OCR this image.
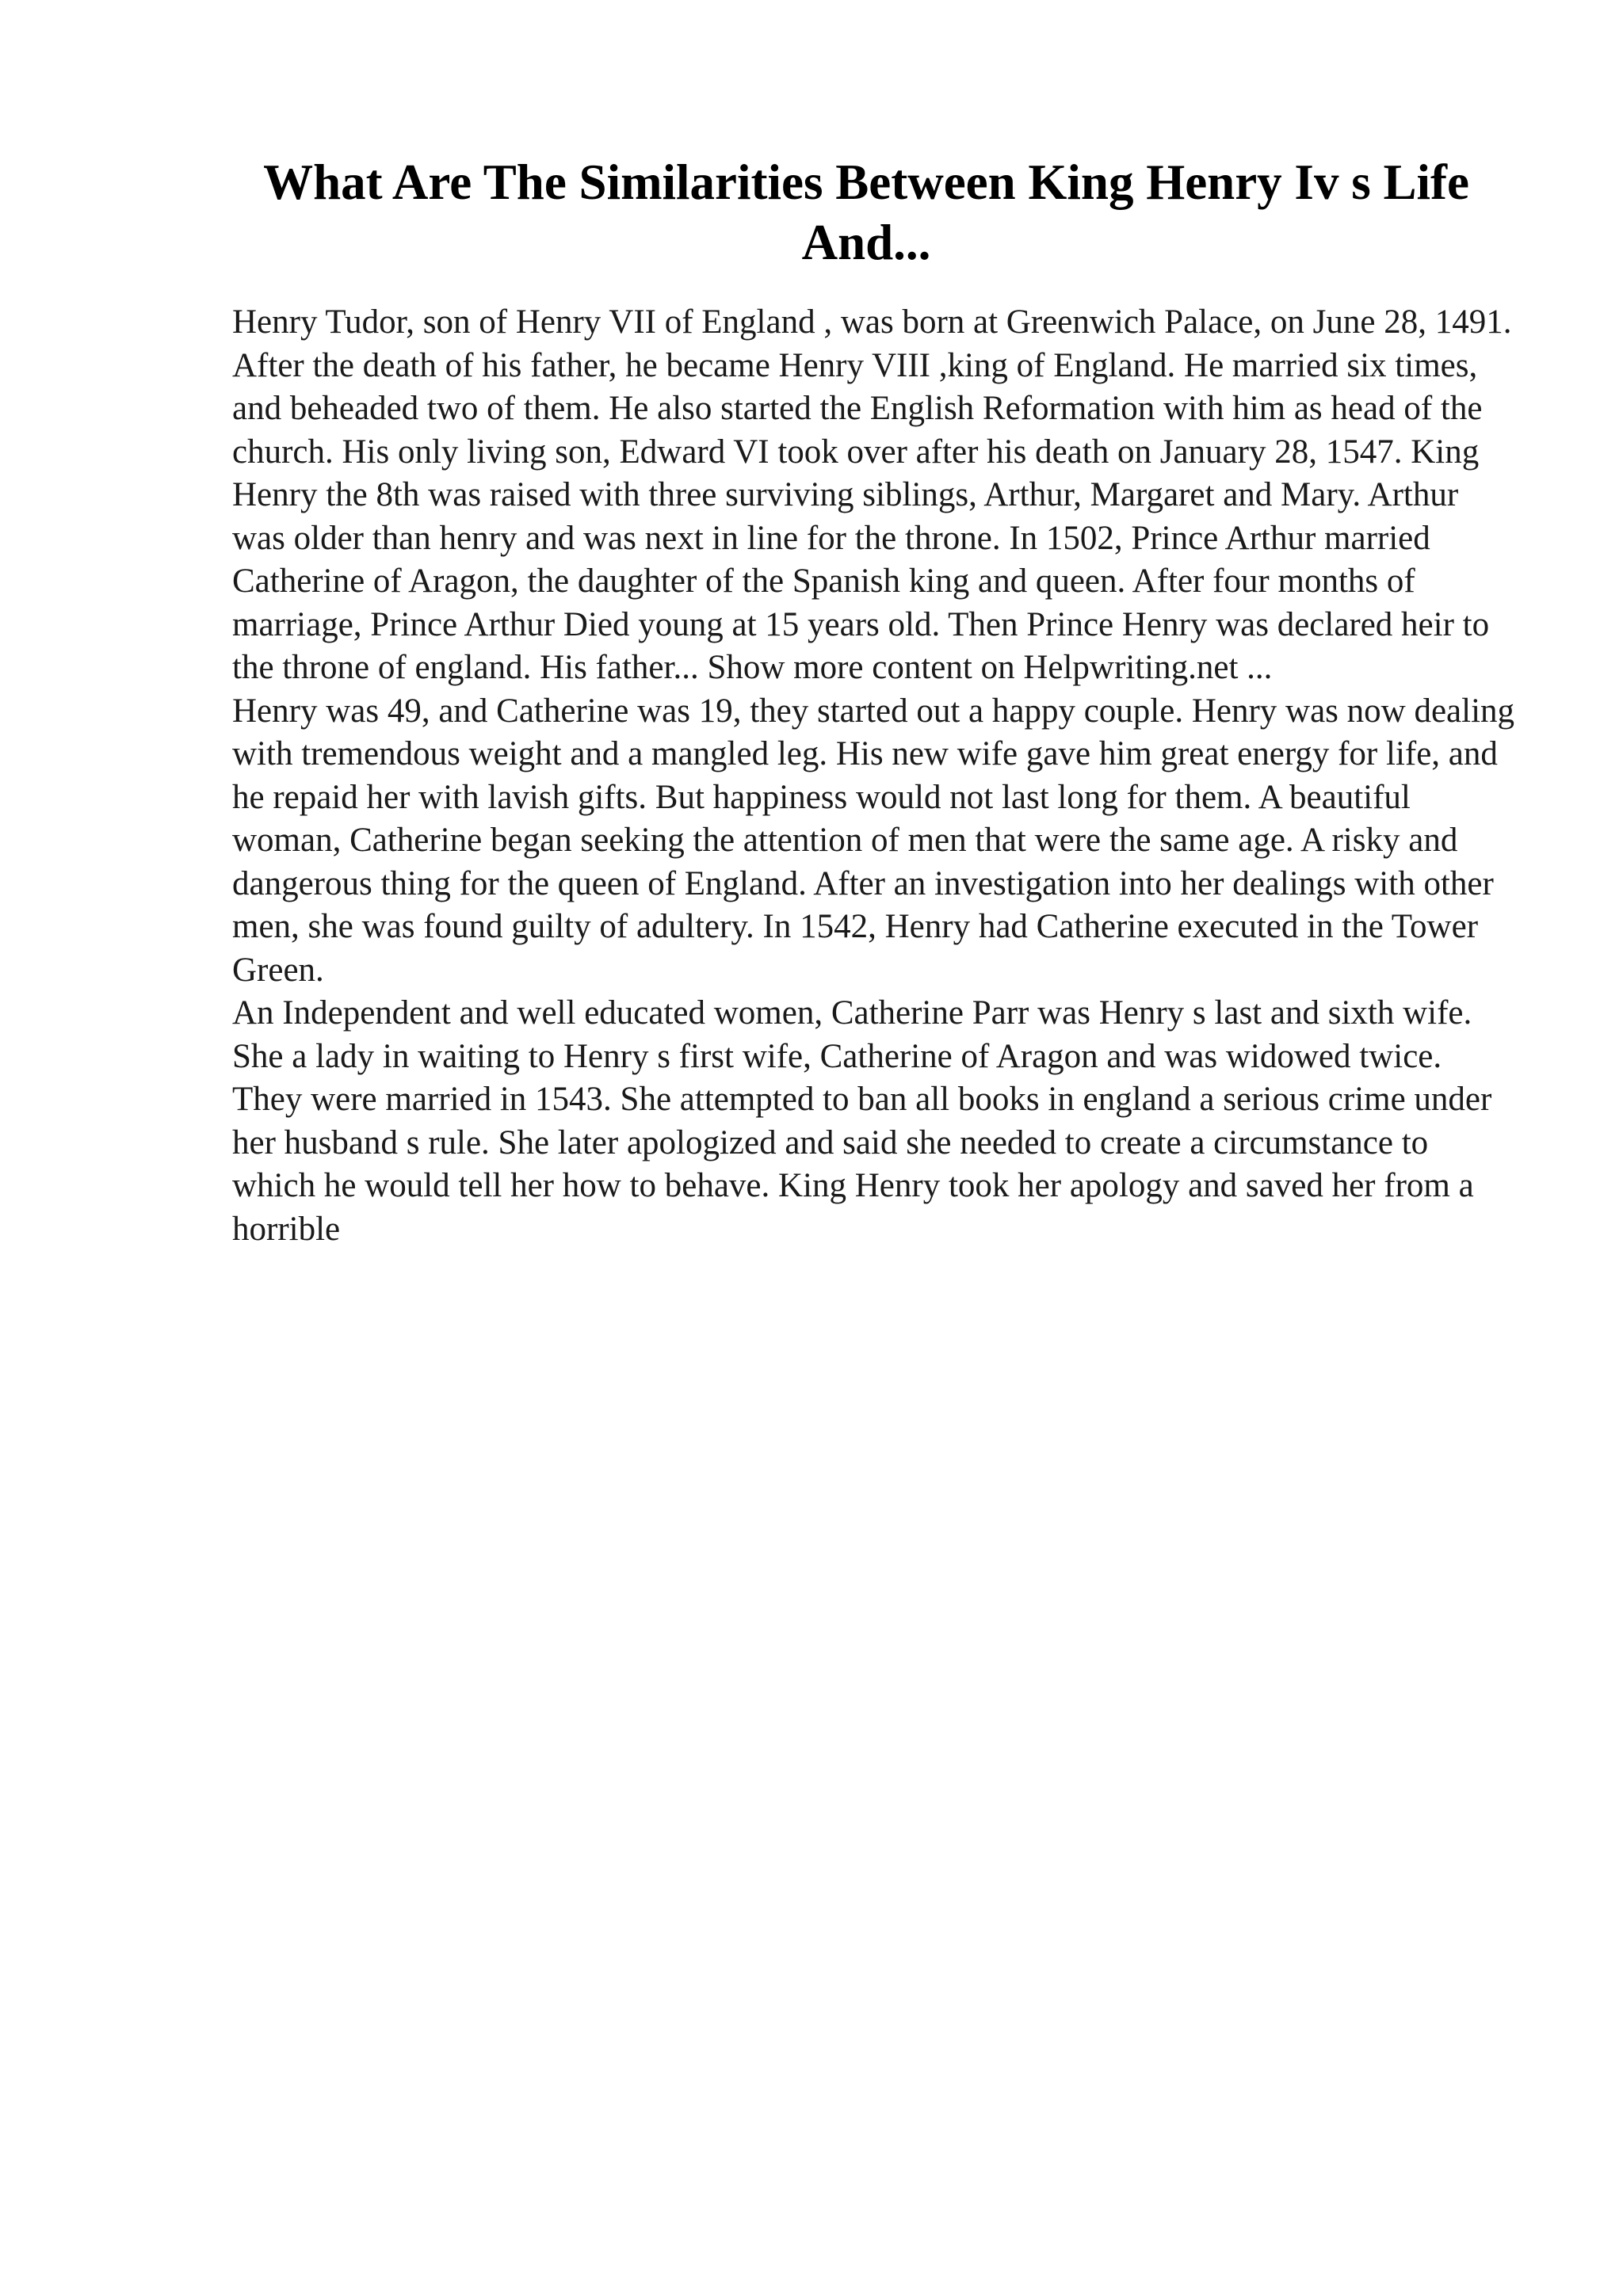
What Are The Similarities Between King Henry Iv s Life
And...

Henry Tudor, son of Henry VII of England , was born at Greenwich Palace, on June 28, 1491. After the death of his father, he became Henry VIII ,king of England. He married six times, and beheaded two of them. He also started the English Reformation with him as head of the church. His only living son, Edward VI took over after his death on January 28, 1547. King Henry the 8th was raised with three surviving siblings, Arthur, Margaret and Mary. Arthur was older than henry and was next in line for the throne. In 1502, Prince Arthur married Catherine of Aragon, the daughter of the Spanish king and queen. After four months of marriage, Prince Arthur Died young at 15 years old. Then Prince Henry was declared heir to the throne of england. His father... Show more content on Helpwriting.net ...

Henry was 49, and Catherine was 19, they started out a happy couple. Henry was now dealing with tremendous weight and a mangled leg. His new wife gave him great energy for life, and he repaid her with lavish gifts. But happiness would not last long for them. A beautiful woman, Catherine began seeking the attention of men that were the same age. A risky and dangerous thing for the queen of England. After an investigation into her dealings with other men, she was found guilty of adultery. In 1542, Henry had Catherine executed in the Tower Green.

An Independent and well educated women, Catherine Parr was Henry s last and sixth wife. She a lady in waiting to Henry s first wife, Catherine of Aragon and was widowed twice. They were married in 1543. She attempted to ban all books in england a serious crime under her husband s rule. She later apologized and said she needed to create a circumstance to which he would tell her how to behave. King Henry took her apology and saved her from a horrible
